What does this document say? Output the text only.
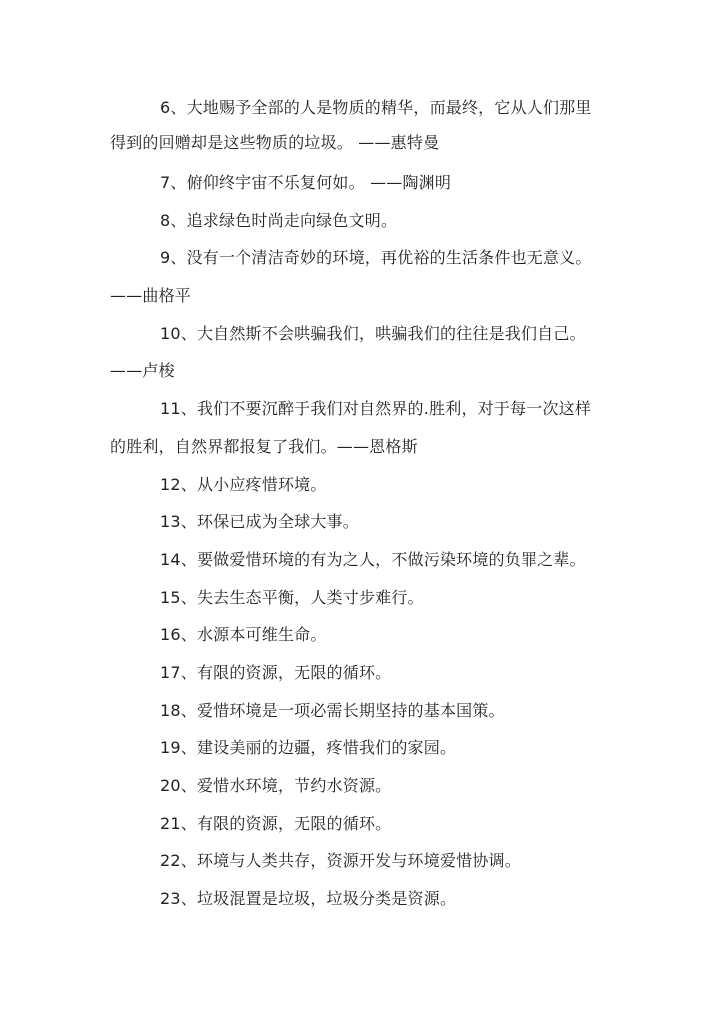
6、大地赐予全部的人是物质的精华，而最终，它从人们那里
得到的回赠却是这些物质的垃圾。 ——惠特曼
7、俯仰终宇宙不乐复何如。 ——陶渊明
8、追求绿色时尚走向绿色文明。
9、没有一个清洁奇妙的环境，再优裕的生活条件也无意义。
——曲格平
10、大自然斯不会哄骗我们，哄骗我们的往往是我们自己。
——卢梭
11、我们不要沉醉于我们对自然界的.胜利，对于每一次这样
的胜利，自然界都报复了我们。——恩格斯
12、从小应疼惜环境。
13、环保已成为全球大事。
14、要做爱惜环境的有为之人，不做污染环境的负罪之辈。
15、失去生态平衡，人类寸步难行。
16、水源本可维生命。
17、有限的资源，无限的循环。
18、爱惜环境是一项必需长期坚持的基本国策。
19、建设美丽的边疆，疼惜我们的家园。
20、爱惜水环境，节约水资源。
21、有限的资源，无限的循环。
22、环境与人类共存，资源开发与环境爱惜协调。
23、垃圾混置是垃圾，垃圾分类是资源。
